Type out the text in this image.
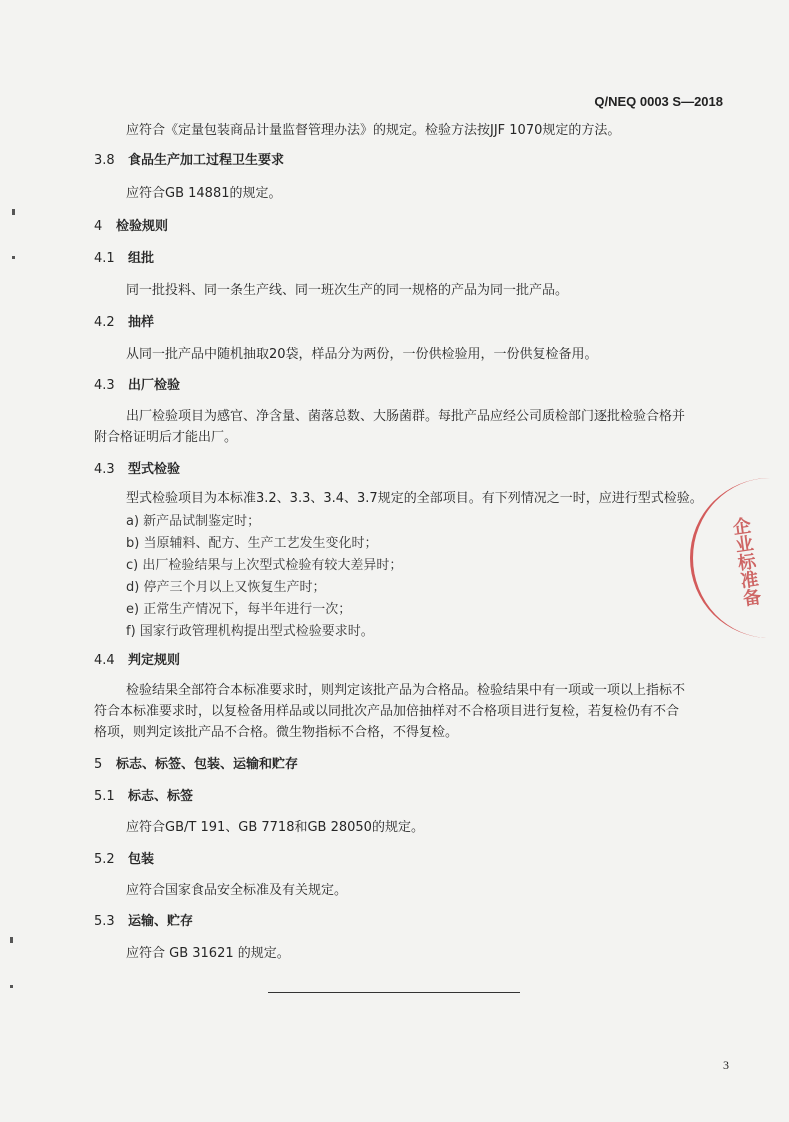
Q/NEQ 0003 S—2018
应符合《定量包装商品计量监督管理办法》的规定。检验方法按JJF 1070规定的方法。
3.8 食品生产加工过程卫生要求
应符合GB 14881的规定。
4 检验规则
4.1 组批
同一批投料、同一条生产线、同一班次生产的同一规格的产品为同一批产品。
4.2 抽样
从同一批产品中随机抽取20袋，样品分为两份，一份供检验用，一份供复检备用。
4.3 出厂检验
出厂检验项目为感官、净含量、菌落总数、大肠菌群。每批产品应经公司质检部门逐批检验合格并
附合格证明后才能出厂。
4.3 型式检验
型式检验项目为本标准3.2、3.3、3.4、3.7规定的全部项目。有下列情况之一时，应进行型式检验。
a) 新产品试制鉴定时；
b) 当原辅料、配方、生产工艺发生变化时；
c) 出厂检验结果与上次型式检验有较大差异时；
d) 停产三个月以上又恢复生产时；
e) 正常生产情况下，每半年进行一次；
f) 国家行政管理机构提出型式检验要求时。
4.4 判定规则
检验结果全部符合本标准要求时，则判定该批产品为合格品。检验结果中有一项或一项以上指标不
符合本标准要求时，以复检备用样品或以同批次产品加倍抽样对不合格项目进行复检，若复检仍有不合
格项，则判定该批产品不合格。微生物指标不合格，不得复检。
5 标志、标签、包装、运输和贮存
5.1 标志、标签
应符合GB/T 191、GB 7718和GB 28050的规定。
5.2 包装
应符合国家食品安全标准及有关规定。
5.3 运输、贮存
应符合 GB 31621 的规定。
3
企业标准备
